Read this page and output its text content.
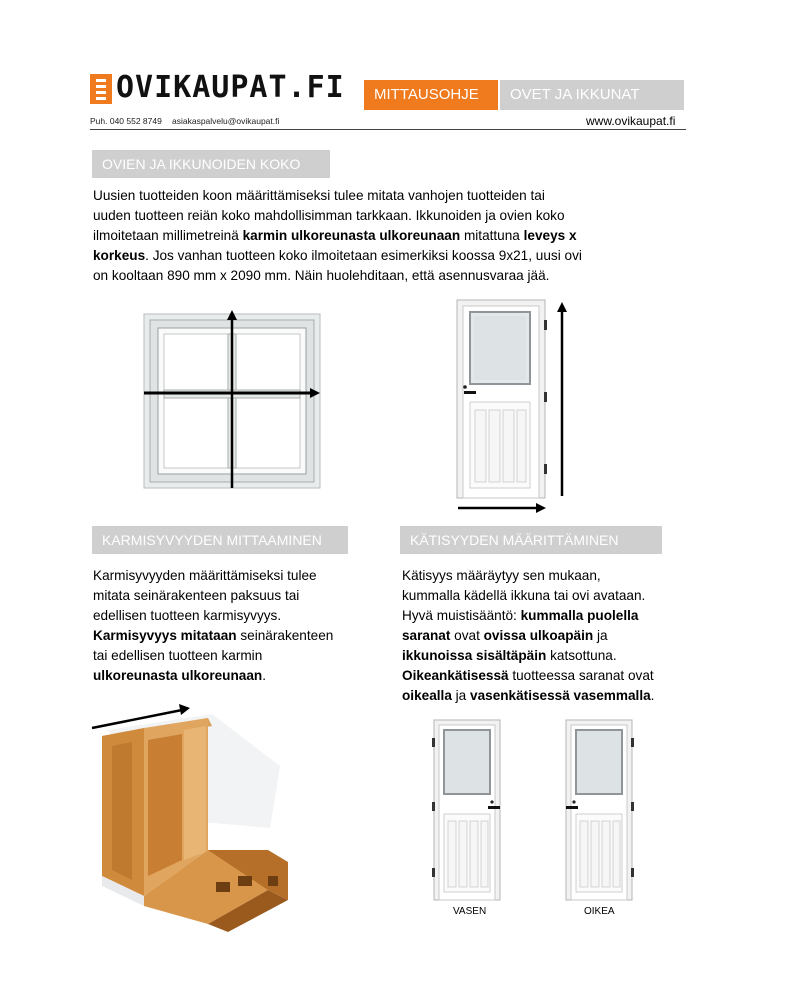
OVIKAUPAT.FI	MITTAUSOHJE	OVET JA IKKUNAT
Puh. 040 552 8749 asiakaspalvelu@ovikaupat.fi	www.ovikaupat.fi
OVIEN JA IKKUNOIDEN KOKO
Uusien tuotteiden koon määrittämiseksi tulee mitata vanhojen tuotteiden tai
uuden tuotteen reiän koko mahdollisimman tarkkaan. Ikkunoiden ja ovien koko
ilmoitetaan millimetreinä karmin ulkoreunasta ulkoreunaan mitattuna leveys x
korkeus. Jos vanhan tuotteen koko ilmoitetaan esimerkiksi koossa 9x21, uusi ovi
on kooltaan 890 mm x 2090 mm. Näin huolehditaan, että asennusvaraa jää.
KARMISYVYYDEN MITTAAMINEN
Karmisyvyyden määrittämiseksi tulee
mitata seinärakenteen paksuus tai
edellisen tuotteen karmisyvyys.
Karmisyvyys mitataan seinärakenteen
tai edellisen tuotteen karmin
ulkoreunasta ulkoreunaan.
KÄTISYYDEN MÄÄRITTÄMINEN
Kätisyys määräytyy sen mukaan,
kummalla kädellä ikkuna tai ovi avataan.
Hyvä muistisääntö: kummalla puolella
saranat ovat ovissa ulkoapäin ja
ikkunoissa sisältäpäin katsottuna.
Oikeankätisessä tuotteessa saranat ovat
oikealla ja vasenkätisessä vasemmalla.
VASEN	OIKEA
